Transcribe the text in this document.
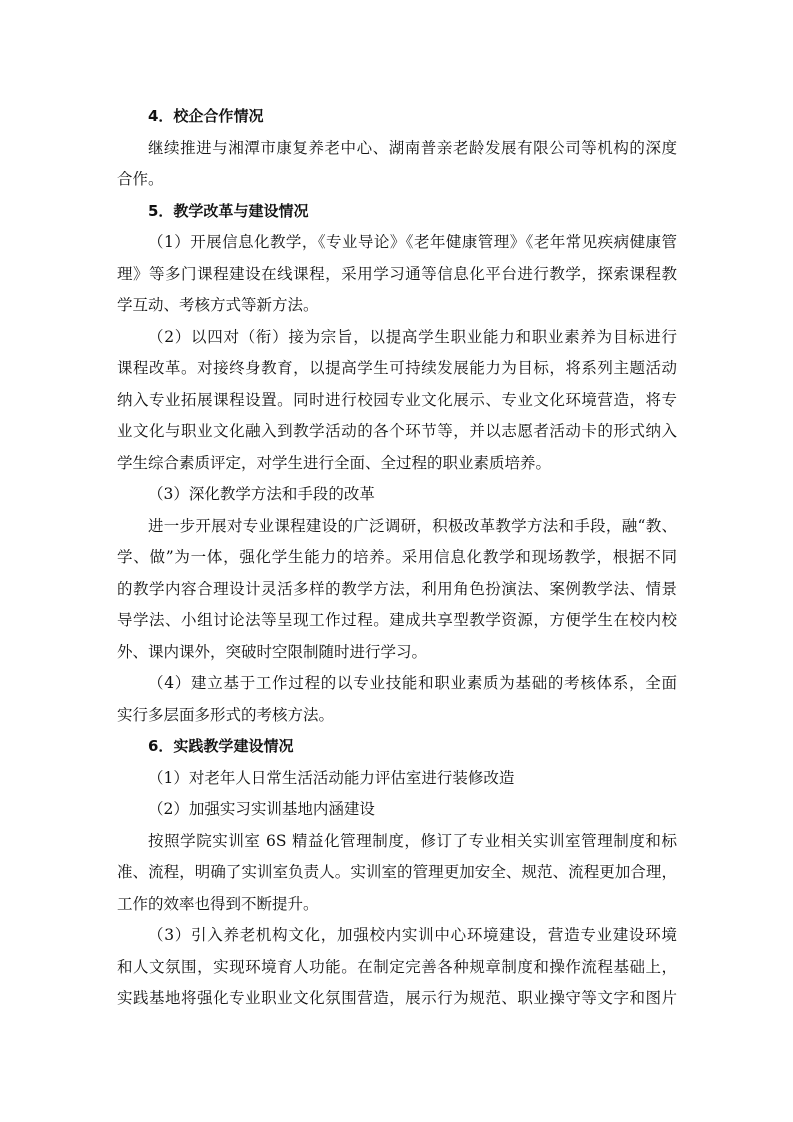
4．校企合作情况
继续推进与湘潭市康复养老中心、湖南普亲老龄发展有限公司等机构的深度
合作。
5．教学改革与建设情况
（1）开展信息化教学，《专业导论》《老年健康管理》《老年常见疾病健康管
理》等多门课程建设在线课程，采用学习通等信息化平台进行教学，探索课程教
学互动、考核方式等新方法。
（2）以四对（衔）接为宗旨，以提高学生职业能力和职业素养为目标进行
课程改革。对接终身教育，以提高学生可持续发展能力为目标，将系列主题活动
纳入专业拓展课程设置。同时进行校园专业文化展示、专业文化环境营造，将专
业文化与职业文化融入到教学活动的各个环节等，并以志愿者活动卡的形式纳入
学生综合素质评定，对学生进行全面、全过程的职业素质培养。
（3）深化教学方法和手段的改革
进一步开展对专业课程建设的广泛调研，积极改革教学方法和手段，融“教、
学、做”为一体，强化学生能力的培养。采用信息化教学和现场教学，根据不同
的教学内容合理设计灵活多样的教学方法，利用角色扮演法、案例教学法、情景
导学法、小组讨论法等呈现工作过程。建成共享型教学资源，方便学生在校内校
外、课内课外，突破时空限制随时进行学习。
（4）建立基于工作过程的以专业技能和职业素质为基础的考核体系，全面
实行多层面多形式的考核方法。
6．实践教学建设情况
（1）对老年人日常生活活动能力评估室进行装修改造
（2）加强实习实训基地内涵建设
按照学院实训室 6S 精益化管理制度，修订了专业相关实训室管理制度和标
准、流程，明确了实训室负责人。实训室的管理更加安全、规范、流程更加合理，
工作的效率也得到不断提升。
（3）引入养老机构文化，加强校内实训中心环境建设，营造专业建设环境
和人文氛围，实现环境育人功能。在制定完善各种规章制度和操作流程基础上，
实践基地将强化专业职业文化氛围营造，展示行为规范、职业操守等文字和图片
